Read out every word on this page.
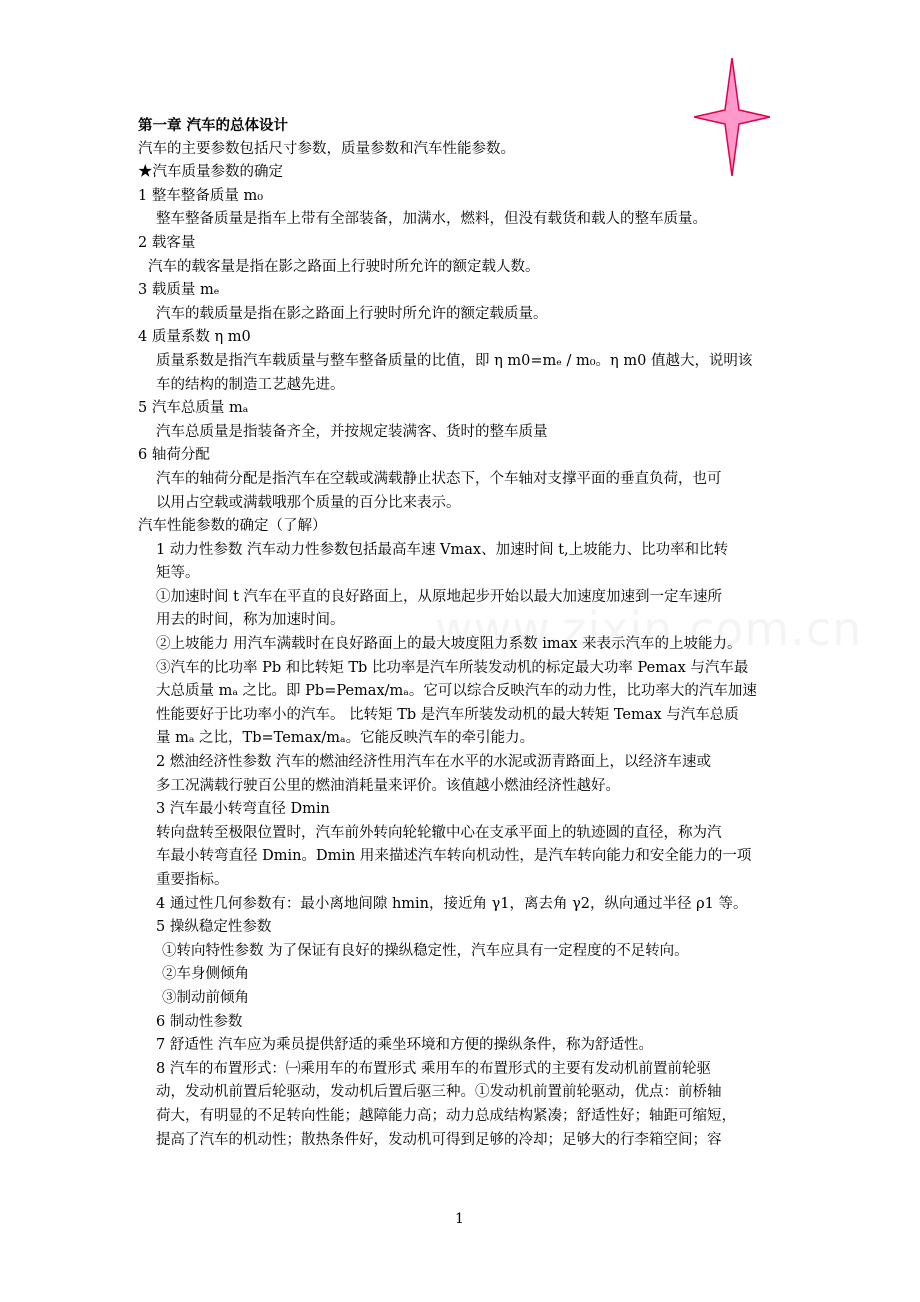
第一章 汽车的总体设计
汽车的主要参数包括尺寸参数，质量参数和汽车性能参数。
★汽车质量参数的确定
1 整车整备质量 m₀
整车整备质量是指车上带有全部装备，加满水，燃料，但没有载货和载人的整车质量。
2 载客量
汽车的载客量是指在影之路面上行驶时所允许的额定载人数。
3 载质量 mₑ
汽车的载质量是指在影之路面上行驶时所允许的额定载质量。
4 质量系数 η m0
质量系数是指汽车载质量与整车整备质量的比值，即 η m0=mₑ / m₀。η m0 值越大，说明该
车的结构的制造工艺越先进。
5 汽车总质量 mₐ
汽车总质量是指装备齐全，并按规定装满客、货时的整车质量
6 轴荷分配
汽车的轴荷分配是指汽车在空载或满载静止状态下，个车轴对支撑平面的垂直负荷，也可
以用占空载或满载哦那个质量的百分比来表示。
汽车性能参数的确定（了解）
1 动力性参数 汽车动力性参数包括最高车速 Vmax、加速时间 t,上坡能力、比功率和比转
矩等。
①加速时间 t 汽车在平直的良好路面上，从原地起步开始以最大加速度加速到一定车速所
用去的时间，称为加速时间。
②上坡能力 用汽车满载时在良好路面上的最大坡度阻力系数 imax 来表示汽车的上坡能力。
③汽车的比功率 Pb 和比转矩 Tb 比功率是汽车所装发动机的标定最大功率 Pemax 与汽车最
大总质量 mₐ 之比。即 Pb=Pemax/mₐ。它可以综合反映汽车的动力性，比功率大的汽车加速
性能要好于比功率小的汽车。 比转矩 Tb 是汽车所装发动机的最大转矩 Temax 与汽车总质
量 mₐ 之比，Tb=Temax/mₐ。它能反映汽车的牵引能力。
2 燃油经济性参数 汽车的燃油经济性用汽车在水平的水泥或沥青路面上，以经济车速或
多工况满载行驶百公里的燃油消耗量来评价。该值越小燃油经济性越好。
3 汽车最小转弯直径 Dmin
转向盘转至极限位置时，汽车前外转向轮轮辙中心在支承平面上的轨迹圆的直径，称为汽
车最小转弯直径 Dmin。Dmin 用来描述汽车转向机动性，是汽车转向能力和安全能力的一项
重要指标。
4 通过性几何参数有：最小离地间隙 hmin，接近角 γ1，离去角 γ2，纵向通过半径 ρ1 等。
5 操纵稳定性参数
①转向特性参数 为了保证有良好的操纵稳定性，汽车应具有一定程度的不足转向。
②车身侧倾角
③制动前倾角
6 制动性参数
7 舒适性 汽车应为乘员提供舒适的乘坐环境和方便的操纵条件，称为舒适性。
8 汽车的布置形式：㈠乘用车的布置形式 乘用车的布置形式的主要有发动机前置前轮驱
动，发动机前置后轮驱动，发动机后置后驱三种。①发动机前置前轮驱动，优点：前桥轴
荷大，有明显的不足转向性能；越障能力高；动力总成结构紧凑；舒适性好；轴距可缩短，
提高了汽车的机动性；散热条件好，发动机可得到足够的冷却；足够大的行李箱空间；容
1
